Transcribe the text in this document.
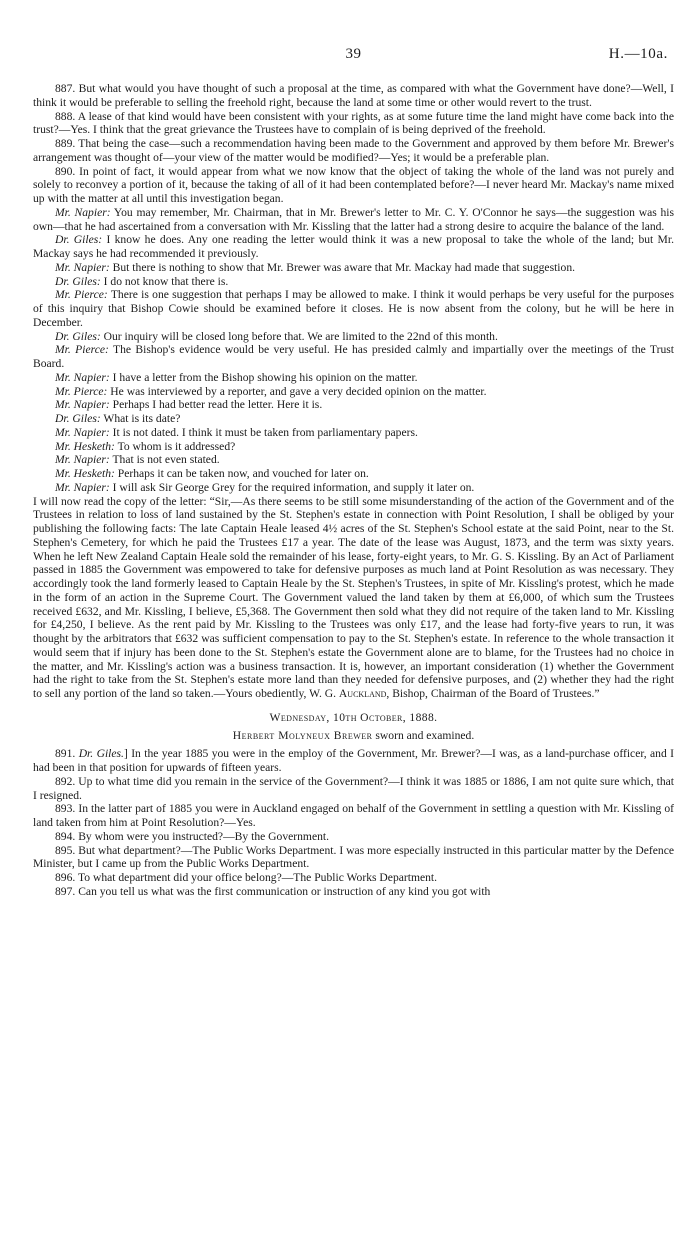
39	H.—10a.

887. But what would you have thought of such a proposal at the time, as compared with what the Government have done?—Well, I think it would be preferable to selling the freehold right, because the land at some time or other would revert to the trust.

888. A lease of that kind would have been consistent with your rights, as at some future time the land might have come back into the trust?—Yes. I think that the great grievance the Trustees have to complain of is being deprived of the freehold.

889. That being the case—such a recommendation having been made to the Government and approved by them before Mr. Brewer's arrangement was thought of—your view of the matter would be modified?—Yes; it would be a preferable plan.

890. In point of fact, it would appear from what we now know that the object of taking the whole of the land was not purely and solely to reconvey a portion of it, because the taking of all of it had been contemplated before?—I never heard Mr. Mackay's name mixed up with the matter at all until this investigation began.

Mr. Napier: You may remember, Mr. Chairman, that in Mr. Brewer's letter to Mr. C. Y. O'Connor he says—the suggestion was his own—that he had ascertained from a conversation with Mr. Kissling that the latter had a strong desire to acquire the balance of the land.

Dr. Giles: I know he does. Any one reading the letter would think it was a new proposal to take the whole of the land; but Mr. Mackay says he had recommended it previously.

Mr. Napier: But there is nothing to show that Mr. Brewer was aware that Mr. Mackay had made that suggestion.

Dr. Giles: I do not know that there is.

Mr. Pierce: There is one suggestion that perhaps I may be allowed to make. I think it would perhaps be very useful for the purposes of this inquiry that Bishop Cowie should be examined before it closes. He is now absent from the colony, but he will be here in December.

Dr. Giles: Our inquiry will be closed long before that. We are limited to the 22nd of this month.

Mr. Pierce: The Bishop's evidence would be very useful. He has presided calmly and impartially over the meetings of the Trust Board.

Mr. Napier: I have a letter from the Bishop showing his opinion on the matter.

Mr. Pierce: He was interviewed by a reporter, and gave a very decided opinion on the matter.

Mr. Napier: Perhaps I had better read the letter. Here it is.

Dr. Giles: What is its date?

Mr. Napier: It is not dated. I think it must be taken from parliamentary papers.

Mr. Hesketh: To whom is it addressed?

Mr. Napier: That is not even stated.

Mr. Hesketh: Perhaps it can be taken now, and vouched for later on.

Mr. Napier: I will ask Sir George Grey for the required information, and supply it later on.

I will now read the copy of the letter: “Sir,—As there seems to be still some misunderstanding of the action of the Government and of the Trustees in relation to loss of land sustained by the St. Stephen's estate in connection with Point Resolution, I shall be obliged by your publishing the following facts: The late Captain Heale leased 4½ acres of the St. Stephen's School estate at the said Point, near to the St. Stephen's Cemetery, for which he paid the Trustees £17 a year. The date of the lease was August, 1873, and the term was sixty years. When he left New Zealand Captain Heale sold the remainder of his lease, forty-eight years, to Mr. G. S. Kissling. By an Act of Parliament passed in 1885 the Government was empowered to take for defensive purposes as much land at Point Resolution as was necessary. They accordingly took the land formerly leased to Captain Heale by the St. Stephen's Trustees, in spite of Mr. Kissling's protest, which he made in the form of an action in the Supreme Court. The Government valued the land taken by them at £6,000, of which sum the Trustees received £632, and Mr. Kissling, I believe, £5,368. The Government then sold what they did not require of the taken land to Mr. Kissling for £4,250, I believe. As the rent paid by Mr. Kissling to the Trustees was only £17, and the lease had forty-five years to run, it was thought by the arbitrators that £632 was sufficient compensation to pay to the St. Stephen's estate. In reference to the whole transaction it would seem that if injury has been done to the St. Stephen's estate the Government alone are to blame, for the Trustees had no choice in the matter, and Mr. Kissling's action was a business transaction. It is, however, an important consideration (1) whether the Government had the right to take from the St. Stephen's estate more land than they needed for defensive purposes, and (2) whether they had the right to sell any portion of the land so taken.—Yours obediently, W. G. Auckland, Bishop, Chairman of the Board of Trustees.”

Wednesday, 10th October, 1888.

Herbert Molyneux Brewer sworn and examined.

891. Dr. Giles.] In the year 1885 you were in the employ of the Government, Mr. Brewer?—I was, as a land-purchase officer, and I had been in that position for upwards of fifteen years.

892. Up to what time did you remain in the service of the Government?—I think it was 1885 or 1886, I am not quite sure which, that I resigned.

893. In the latter part of 1885 you were in Auckland engaged on behalf of the Government in settling a question with Mr. Kissling of land taken from him at Point Resolution?—Yes.

894. By whom were you instructed?—By the Government.

895. But what department?—The Public Works Department. I was more especially instructed in this particular matter by the Defence Minister, but I came up from the Public Works Department.

896. To what department did your office belong?—The Public Works Department.

897. Can you tell us what was the first communication or instruction of any kind you got with
